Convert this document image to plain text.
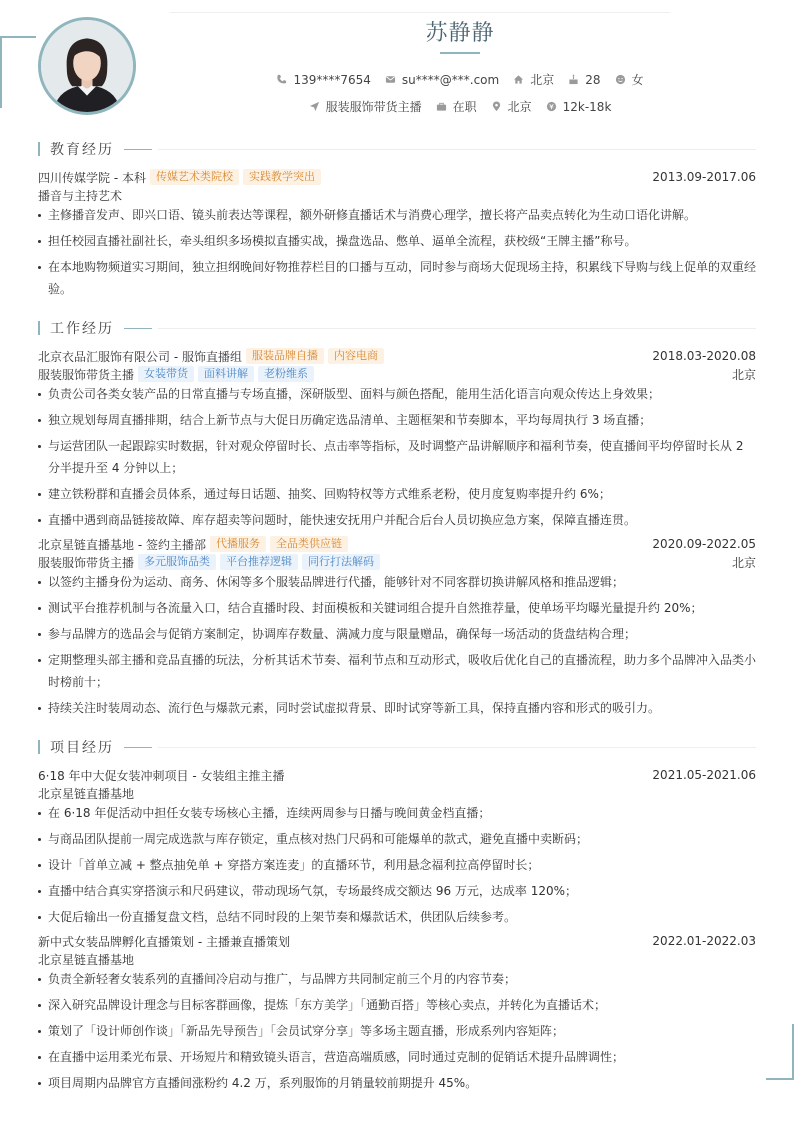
苏静静
139****7654	su****@***.com	北京	28	女
服装服饰带货主播	在职	北京	12k-18k
教育经历
四川传媒学院 - 本科 传媒艺术类院校	实践教学突出	2013.09-2017.06
播音与主持艺术
主修播音发声、即兴口语、镜头前表达等课程，额外研修直播话术与消费心理学，擅长将产品卖点转化为生动口语化讲解。
担任校园直播社副社长，牵头组织多场模拟直播实战，操盘选品、憋单、逼单全流程，获校级“王牌主播”称号。
在本地购物频道实习期间，独立担纲晚间好物推荐栏目的口播与互动，同时参与商场大促现场主持，积累线下导购与线上促单的双重经验。
工作经历
北京衣品汇服饰有限公司 - 服饰直播组 服装品牌自播	内容电商	2018.03-2020.08
服装服饰带货主播 女装带货	面料讲解	老粉维系	北京
负责公司各类女装产品的日常直播与专场直播，深研版型、面料与颜色搭配，能用生活化语言向观众传达上身效果；
独立规划每周直播排期，结合上新节点与大促日历确定选品清单、主题框架和节奏脚本，平均每周执行 3 场直播；
与运营团队一起跟踪实时数据，针对观众停留时长、点击率等指标，及时调整产品讲解顺序和福利节奏，使直播间平均停留时长从 2 分半提升至 4 分钟以上；
建立铁粉群和直播会员体系，通过每日话题、抽奖、回购特权等方式维系老粉，使月度复购率提升约 6%；
直播中遇到商品链接故障、库存超卖等问题时，能快速安抚用户并配合后台人员切换应急方案，保障直播连贯。
北京星链直播基地 - 签约主播部 代播服务	全品类供应链	2020.09-2022.05
服装服饰带货主播 多元服饰品类	平台推荐逻辑	同行打法解码	北京
以签约主播身份为运动、商务、休闲等多个服装品牌进行代播，能够针对不同客群切换讲解风格和推品逻辑；
测试平台推荐机制与各流量入口，结合直播时段、封面模板和关键词组合提升自然推荐量，使单场平均曝光量提升约 20%；
参与品牌方的选品会与促销方案制定，协调库存数量、满减力度与限量赠品，确保每一场活动的货盘结构合理；
定期整理头部主播和竞品直播的玩法，分析其话术节奏、福利节点和互动形式，吸收后优化自己的直播流程，助力多个品牌冲入品类小时榜前十；
持续关注时装周动态、流行色与爆款元素，同时尝试虚拟背景、即时试穿等新工具，保持直播内容和形式的吸引力。
项目经历
6·18 年中大促女装冲刺项目 - 女装组主推主播	2021.05-2021.06
北京星链直播基地
在 6·18 年促活动中担任女装专场核心主播，连续两周参与日播与晚间黄金档直播；
与商品团队提前一周完成选款与库存锁定，重点核对热门尺码和可能爆单的款式，避免直播中卖断码；
设计「首单立减 + 整点抽免单 + 穿搭方案连麦」的直播环节，利用悬念福利拉高停留时长；
直播中结合真实穿搭演示和尺码建议，带动现场气氛，专场最终成交额达 96 万元，达成率 120%；
大促后输出一份直播复盘文档，总结不同时段的上架节奏和爆款话术，供团队后续参考。
新中式女装品牌孵化直播策划 - 主播兼直播策划	2022.01-2022.03
北京星链直播基地
负责全新轻奢女装系列的直播间冷启动与推广，与品牌方共同制定前三个月的内容节奏；
深入研究品牌设计理念与目标客群画像，提炼「东方美学」「通勤百搭」等核心卖点，并转化为直播话术；
策划了「设计师创作谈」「新品先导预告」「会员试穿分享」等多场主题直播，形成系列内容矩阵；
在直播中运用柔光布景、开场短片和精致镜头语言，营造高端质感，同时通过克制的促销话术提升品牌调性；
项目周期内品牌官方直播间涨粉约 4.2 万，系列服饰的月销量较前期提升 45%。
